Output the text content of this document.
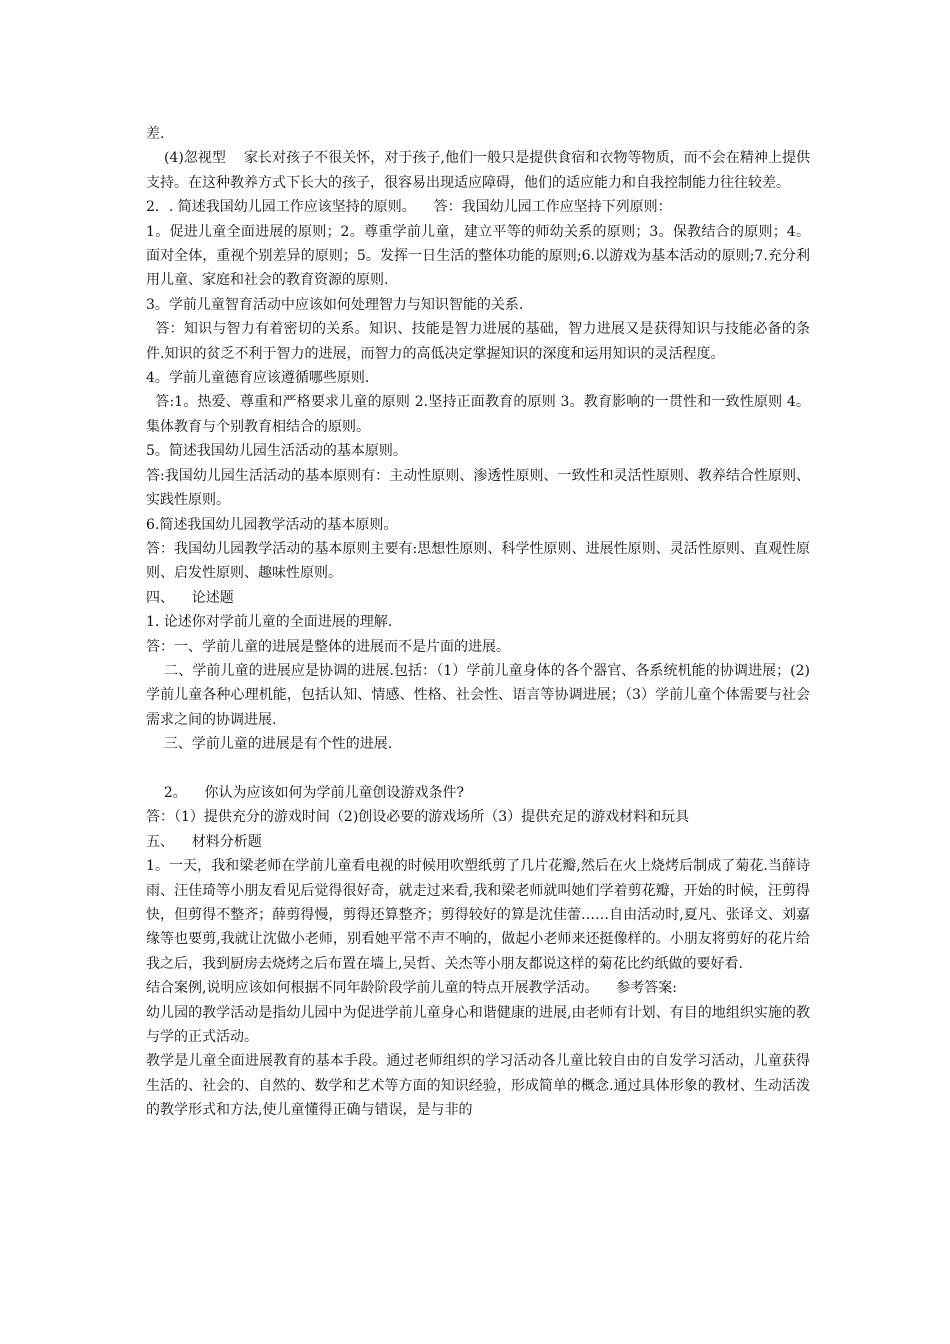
差.

(4)忽视型    家长对孩子不很关怀，对于孩子,他们一般只是提供食宿和衣物等物质，而不会在精神上提供支持。在这种教养方式下长大的孩子，很容易出现适应障碍，他们的适应能力和自我控制能力往往较差。

2．. 简述我国幼儿园工作应该坚持的原则。    答：我国幼儿园工作应坚持下列原则：

1。促进儿童全面进展的原则；2。尊重学前儿童，建立平等的师幼关系的原则；3。保教结合的原则；4。面对全体，重视个别差异的原则；5。发挥一日生活的整体功能的原则;6.以游戏为基本活动的原则;7.充分利用儿童、家庭和社会的教育资源的原则.

3。学前儿童智育活动中应该如何处理智力与知识智能的关系.

答：知识与智力有着密切的关系。知识、技能是智力进展的基础，智力进展又是获得知识与技能必备的条件.知识的贫乏不利于智力的进展，而智力的高低决定掌握知识的深度和运用知识的灵活程度。

4。学前儿童德育应该遵循哪些原则.

答:1。热爱、尊重和严格要求儿童的原则 2.坚持正面教育的原则 3。教育影响的一贯性和一致性原则 4。集体教育与个别教育相结合的原则。

5。简述我国幼儿园生活活动的基本原则。

答:我国幼儿园生活活动的基本原则有：主动性原则、渗透性原则、一致性和灵活性原则、教养结合性原则、实践性原则。

6.简述我国幼儿园教学活动的基本原则。

答：我国幼儿园教学活动的基本原则主要有:思想性原则、科学性原则、进展性原则、灵活性原则、直观性原则、启发性原则、趣味性原则。

四、    论述题

1. 论述你对学前儿童的全面进展的理解.

答：一、学前儿童的进展是整体的进展而不是片面的进展。

二、学前儿童的进展应是协调的进展.包括：（1）学前儿童身体的各个器官、各系统机能的协调进展；(2)学前儿童各种心理机能，包括认知、情感、性格、社会性、语言等协调进展；（3）学前儿童个体需要与社会需求之间的协调进展.

三、学前儿童的进展是有个性的进展.

2。    你认为应该如何为学前儿童创设游戏条件?

答：（1）提供充分的游戏时间（2)创设必要的游戏场所（3）提供充足的游戏材料和玩具

五、    材料分析题

1。一天，我和梁老师在学前儿童看电视的时候用吹塑纸剪了几片花瓣,然后在火上烧烤后制成了菊花.当薛诗雨、汪佳琦等小朋友看见后觉得很好奇，就走过来看,我和梁老师就叫她们学着剪花瓣，开始的时候，汪剪得快，但剪得不整齐；薛剪得慢，剪得还算整齐；剪得较好的算是沈佳蕾……自由活动时,夏凡、张译文、刘嘉缘等也要剪,我就让沈做小老师，别看她平常不声不响的，做起小老师来还挺像样的。小朋友将剪好的花片给我之后，我到厨房去烧烤之后布置在墙上,吴哲、关杰等小朋友都说这样的菊花比约纸做的要好看.

结合案例,说明应该如何根据不同年龄阶段学前儿童的特点开展教学活动。    参考答案:

幼儿园的教学活动是指幼儿园中为促进学前儿童身心和谐健康的进展,由老师有计划、有目的地组织实施的教与学的正式活动。

教学是儿童全面进展教育的基本手段。通过老师组织的学习活动各儿童比较自由的自发学习活动，儿童获得生活的、社会的、自然的、数学和艺术等方面的知识经验，形成简单的概念.通过具体形象的教材、生动活泼的教学形式和方法,使儿童懂得正确与错误，是与非的
